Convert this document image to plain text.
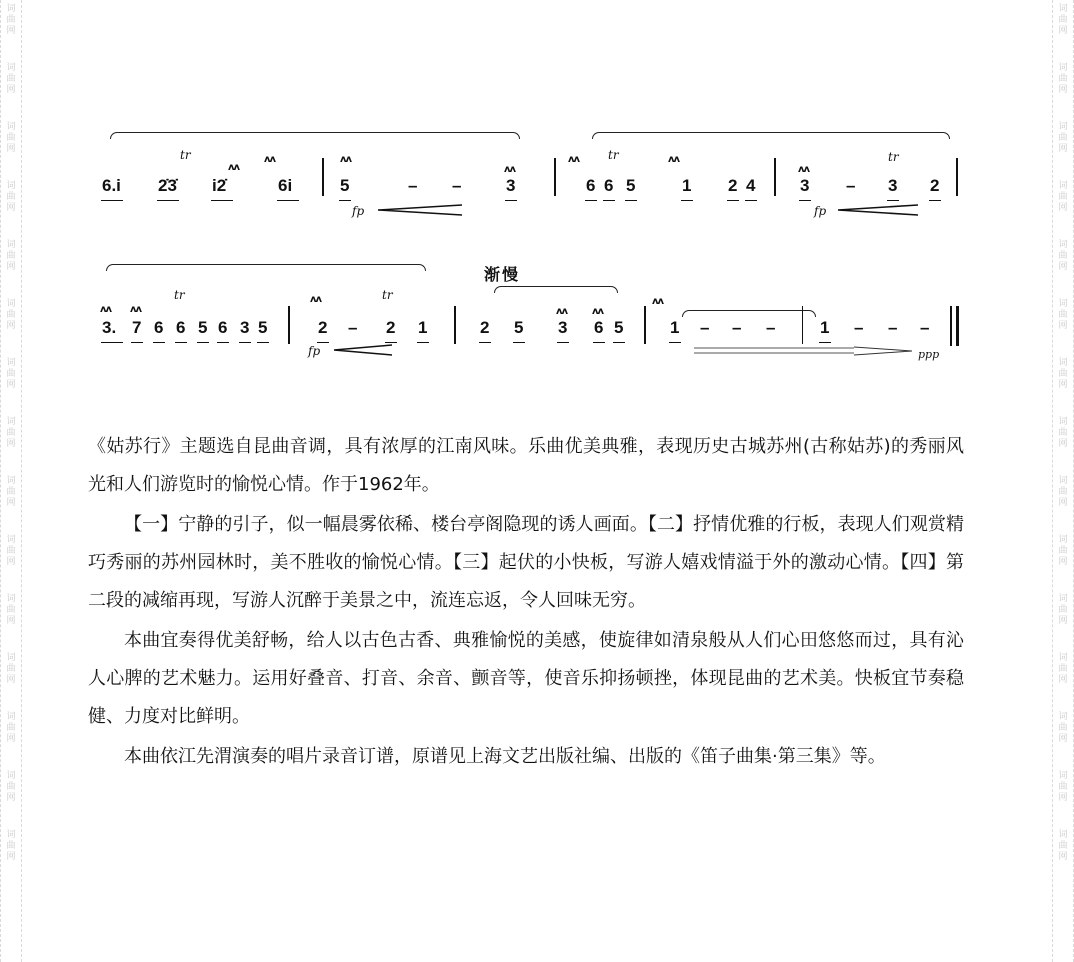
词
曲
网
词
曲
网
词
曲
网
词
曲
网
词
曲
网
词
曲
网
词
曲
网
词
曲
网
词
曲
网
词
曲
网
词
曲
网
词
曲
网
词
曲
网
词
曲
网
词
曲
网
词
曲
网
词
曲
网
词
曲
网
词
曲
网
词
曲
网
词
曲
网
词
曲
网
词
曲
网
词
曲
网
词
曲
网
词
曲
网
词
曲
网
词
曲
网
词
曲
网
词
曲
网
6.i 2̇3̇ i2̇	6i	5	– –	3	6 6 5	1 2 4	3 – 3 2
tr	tr	tr
ʌʌ
ʌʌ	ʌʌ
ʌʌ
ʌʌ	ʌʌ
ʌʌ
fp	fp
渐慢
3. 7 6 6 5 6 3 5	2 – 2 1	2 5 3 6 5	1 – – –	1 – – –
tr	tr
ʌʌ ʌʌ
ʌʌ
ʌʌ ʌʌ
ʌʌ
fp	ppp

《姑苏行》主题选自昆曲音调，具有浓厚的江南风味。乐曲优美典雅，表现历史古城苏州(古称姑苏)的秀丽风光和人们游览时的愉悦心情。作于1962年。

【一】宁静的引子，似一幅晨雾依稀、楼台亭阁隐现的诱人画面。【二】抒情优雅的行板，表现人们观赏精巧秀丽的苏州园林时，美不胜收的愉悦心情。【三】起伏的小快板，写游人嬉戏情溢于外的激动心情。【四】第二段的减缩再现，写游人沉醉于美景之中，流连忘返，令人回味无穷。

本曲宜奏得优美舒畅，给人以古色古香、典雅愉悦的美感，使旋律如清泉般从人们心田悠悠而过，具有沁人心脾的艺术魅力。运用好叠音、打音、余音、颤音等，使音乐抑扬顿挫，体现昆曲的艺术美。快板宜节奏稳健、力度对比鲜明。

本曲依江先渭演奏的唱片录音订谱，原谱见上海文艺出版社编、出版的《笛子曲集·第三集》等。
